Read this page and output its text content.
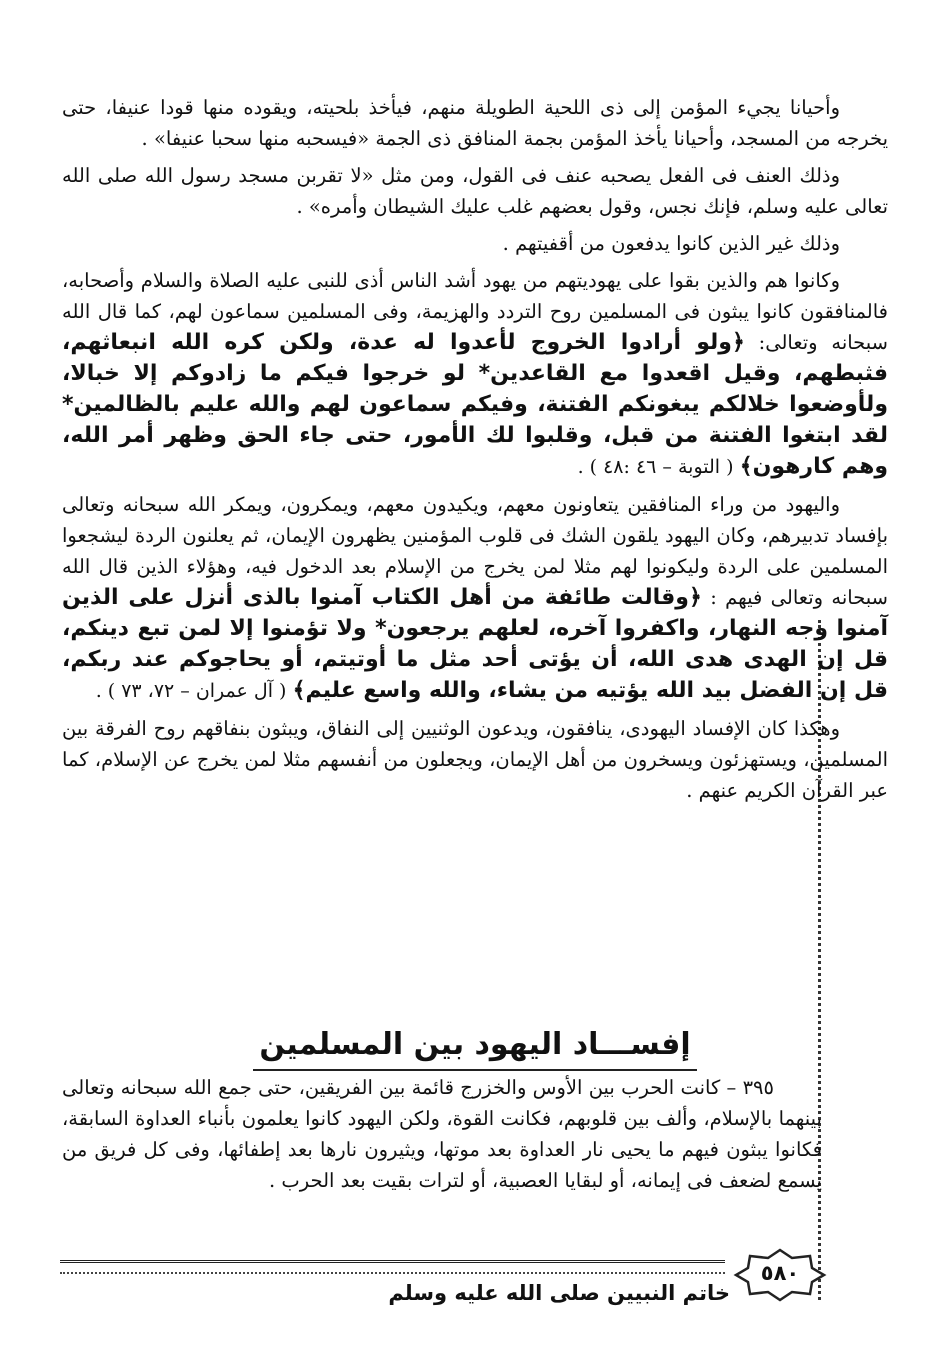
وأحيانا يجيء المؤمن إلى ذى اللحية الطويلة منهم، فيأخذ بلحيته، ويقوده منها قودا عنيفا، حتى يخرجه من المسجد، وأحيانا يأخذ المؤمن بجمة المنافق ذى الجمة «فيسحبه منها سحبا عنيفا» .

وذلك العنف فى الفعل يصحبه عنف فى القول، ومن مثل «لا تقربن مسجد رسول الله صلى الله تعالى عليه وسلم، فإنك نجس، وقول بعضهم غلب عليك الشيطان وأمره» .

وذلك غير الذين كانوا يدفعون من أقفيتهم .

وكانوا هم والذين بقوا على يهوديتهم من يهود أشد الناس أذى للنبى عليه الصلاة والسلام وأصحابه، فالمنافقون كانوا يبثون فى المسلمين روح التردد والهزيمة، وفى المسلمين سماعون لهم، كما قال الله سبحانه وتعالى: ﴿ولو أرادوا الخروج لأعدوا له عدة، ولكن كره الله انبعاثهم، فثبطهم، وقيل اقعدوا مع القاعدين* لو خرجوا فيكم ما زادوكم إلا خبالا، ولأوضعوا خلالكم يبغونكم الفتنة، وفيكم سماعون لهم والله عليم بالظالمين* لقد ابتغوا الفتنة من قبل، وقلبوا لك الأمور، حتى جاء الحق وظهر أمر الله، وهم كارهون﴾ ( التوبة – ٤٦ :٤٨ ) .

واليهود من وراء المنافقين يتعاونون معهم، ويكيدون معهم، ويمكرون، ويمكر الله سبحانه وتعالى بإفساد تدبيرهم، وكان اليهود يلقون الشك فى قلوب المؤمنين يظهرون الإيمان، ثم يعلنون الردة ليشجعوا المسلمين على الردة وليكونوا لهم مثلا لمن يخرج من الإسلام بعد الدخول فيه، وهؤلاء الذين قال الله سبحانه وتعالى فيهم : ﴿وقالت طائفة من أهل الكتاب آمنوا بالذى أنزل على الذين آمنوا وجه النهار، واكفروا آخره، لعلهم يرجعون* ولا تؤمنوا إلا لمن تبع دينكم، قل إن الهدى هدى الله، أن يؤتى أحد مثل ما أوتيتم، أو يحاجوكم عند ربكم، قل إن الفضل بيد الله يؤتيه من يشاء، والله واسع عليم﴾ ( آل عمران – ٧٢، ٧٣ ) .

وهكذا كان الإفساد اليهودى، ينافقون، ويدعون الوثنيين إلى النفاق، ويبثون بنفاقهم روح الفرقة بين المسلمين، ويستهزئون ويسخرون من أهل الإيمان، ويجعلون من أنفسهم مثلا لمن يخرج عن الإسلام، كما عبر القرآن الكريم عنهم .

إفســـاد اليهود بين المسلمين

٣٩٥ – كانت الحرب بين الأوس والخزرج قائمة بين الفريقين، حتى جمع الله سبحانه وتعالى بينهما بالإسلام، وألف بين قلوبهم، فكانت القوة، ولكن اليهود كانوا يعلمون بأنباء العداوة السابقة، فكانوا يبثون فيهم ما يحيى نار العداوة بعد موتها، ويثيرون نارها بعد إطفائها، وفى كل فريق من يسمع لضعف فى إيمانه، أو لبقايا العصبية، أو لترات بقيت بعد الحرب .

خاتم النبيين صلى الله عليه وسلم
٥٨٠
